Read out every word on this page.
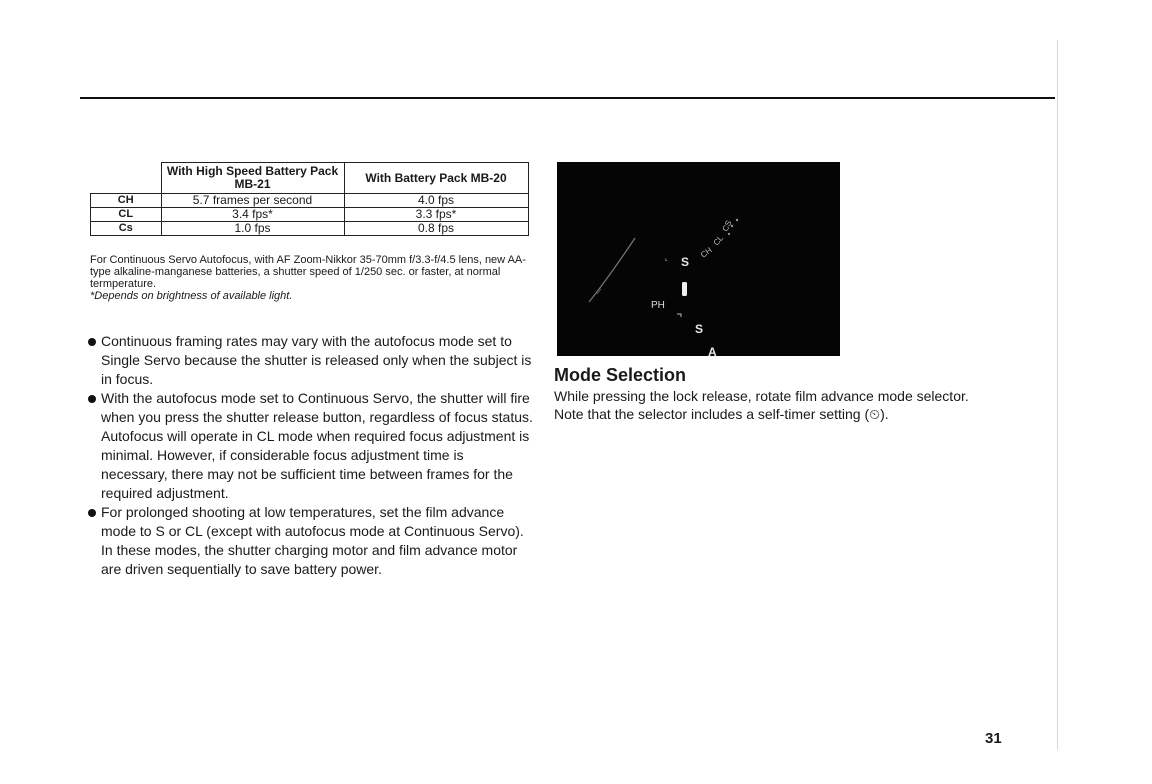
	With High Speed Battery Pack MB-21	With Battery Pack MB-20
CH	5.7 frames per second	4.0 fps
CL	3.4 fps*	3.3 fps*
Cs	1.0 fps	0.8 fps

For Continuous Servo Autofocus, with AF Zoom-Nikkor 35-70mm f/3.3-f/4.5 lens, new AA-type alkaline-manganese batteries, a shutter speed of 1/250 sec. or faster, at normal termperature.

*Depends on brightness of available light.

Continuous framing rates may vary with the autofocus mode set to Single Servo because the shutter is released only when the subject is in focus.
With the autofocus mode set to Continuous Servo, the shutter will fire when you press the shutter release button, regardless of focus status. Autofocus will operate in CL mode when required focus adjustment is minimal. However, if considerable focus adjustment time is necessary, there may not be sufficient time between frames for the required adjustment.
For prolonged shooting at low temperatures, set the film advance mode to S or CL (except with autofocus mode at Continuous Servo). In these modes, the shutter charging motor and film advance motor are driven sequentially to save battery power.
‹ S
CH
CL
CS
PH
S
A
Mode Selection

While pressing the lock release, rotate film advance mode selector.

Note that the selector includes a self-timer setting (⏲).

31
